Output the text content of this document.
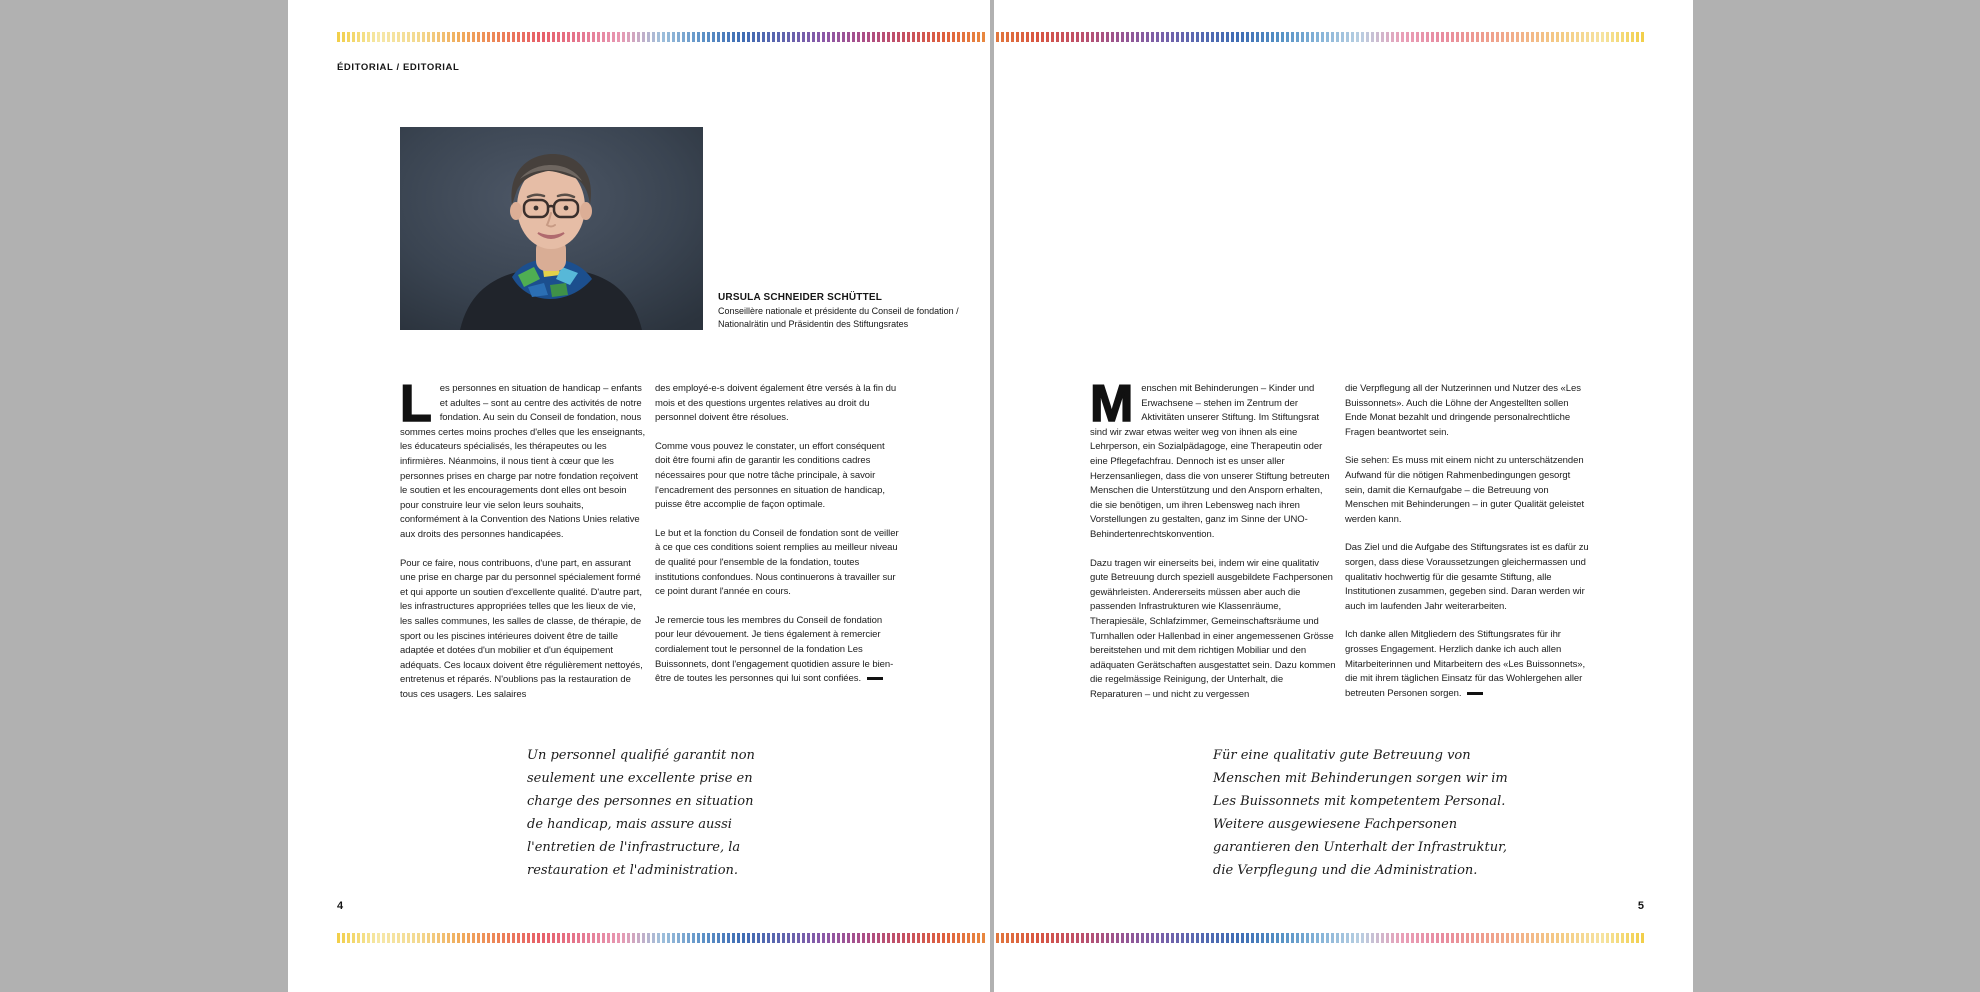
ÉDITORIAL / EDITORIAL
URSULA SCHNEIDER SCHÜTTEL
Conseillère nationale et présidente du Conseil de fondation /
Nationalrätin und Präsidentin des Stiftungsrates

Les personnes en situation de handicap – enfants et adultes – sont au centre des activités de notre fondation. Au sein du Conseil de fondation, nous sommes certes moins proches d'elles que les enseignants, les éducateurs spécialisés, les thérapeutes ou les infirmières. Néanmoins, il nous tient à cœur que les personnes prises en charge par notre fondation reçoivent le soutien et les encouragements dont elles ont besoin pour construire leur vie selon leurs souhaits, conformément à la Convention des Nations Unies relative aux droits des personnes handicapées.

Pour ce faire, nous contribuons, d'une part, en assurant une prise en charge par du personnel spécialement formé et qui apporte un soutien d'excellente qualité. D'autre part, les infrastructures appropriées telles que les lieux de vie, les salles communes, les salles de classe, de thérapie, de sport ou les piscines intérieures doivent être de taille adaptée et dotées d'un mobilier et d'un équipement adéquats. Ces locaux doivent être régulièrement nettoyés, entretenus et réparés. N'oublions pas la restauration de tous ces usagers. Les salaires

des employé-e-s doivent également être versés à la fin du mois et des questions urgentes relatives au droit du personnel doivent être résolues.

Comme vous pouvez le constater, un effort conséquent doit être fourni afin de garantir les conditions cadres nécessaires pour que notre tâche principale, à savoir l'encadrement des personnes en situation de handicap, puisse être accomplie de façon optimale.

Le but et la fonction du Conseil de fondation sont de veiller à ce que ces conditions soient remplies au meilleur niveau de qualité pour l'ensemble de la fondation, toutes institutions confondues. Nous continuerons à travailler sur ce point durant l'année en cours.

Je remercie tous les membres du Conseil de fondation pour leur dévouement. Je tiens également à remercier cordialement tout le personnel de la fondation Les Buissonnets, dont l'engagement quotidien assure le bien-être de toutes les personnes qui lui sont confiées.

Un personnel qualifié garantit non seulement une excellente prise en charge des personnes en situation de handicap, mais assure aussi l'entretien de l'infrastructure, la restauration et l'administration.
4

Menschen mit Behinderungen – Kinder und Erwachsene – stehen im Zentrum der Aktivitäten unserer Stiftung. Im Stiftungsrat sind wir zwar etwas weiter weg von ihnen als eine Lehrperson, ein Sozialpädagoge, eine Therapeutin oder eine Pflegefachfrau. Dennoch ist es unser aller Herzensanliegen, dass die von unserer Stiftung betreuten Menschen die Unterstützung und den Ansporn erhalten, die sie benötigen, um ihren Lebensweg nach ihren Vorstellungen zu gestalten, ganz im Sinne der UNO-Behindertenrechtskonvention.

Dazu tragen wir einerseits bei, indem wir eine qualitativ gute Betreuung durch speziell ausgebildete Fachpersonen gewährleisten. Andererseits müssen aber auch die passenden Infrastrukturen wie Klassenräume, Therapiesäle, Schlafzimmer, Gemeinschaftsräume und Turnhallen oder Hallenbad in einer angemessenen Grösse bereitstehen und mit dem richtigen Mobiliar und den adäquaten Gerätschaften ausgestattet sein. Dazu kommen die regelmässige Reinigung, der Unterhalt, die Reparaturen – und nicht zu vergessen

die Verpflegung all der Nutzerinnen und Nutzer des «Les Buissonnets». Auch die Löhne der Angestellten sollen Ende Monat bezahlt und dringende personalrechtliche Fragen beantwortet sein.

Sie sehen: Es muss mit einem nicht zu unterschätzenden Aufwand für die nötigen Rahmenbedingungen gesorgt sein, damit die Kernaufgabe – die Betreuung von Menschen mit Behinderungen – in guter Qualität geleistet werden kann.

Das Ziel und die Aufgabe des Stiftungsrates ist es dafür zu sorgen, dass diese Voraussetzungen gleichermassen und qualitativ hochwertig für die gesamte Stiftung, alle Institutionen zusammen, gegeben sind. Daran werden wir auch im laufenden Jahr weiterarbeiten.

Ich danke allen Mitgliedern des Stiftungsrates für ihr grosses Engagement. Herzlich danke ich auch allen Mitarbeiterinnen und Mitarbeitern des «Les Buissonnets», die mit ihrem täglichen Einsatz für das Wohlergehen aller betreuten Personen sorgen.

Für eine qualitativ gute Betreuung von Menschen mit Behinderungen sorgen wir im Les Buissonnets mit kompetentem Personal. Weitere ausgewiesene Fachpersonen garantieren den Unterhalt der Infrastruktur, die Verpflegung und die Administration.
5
